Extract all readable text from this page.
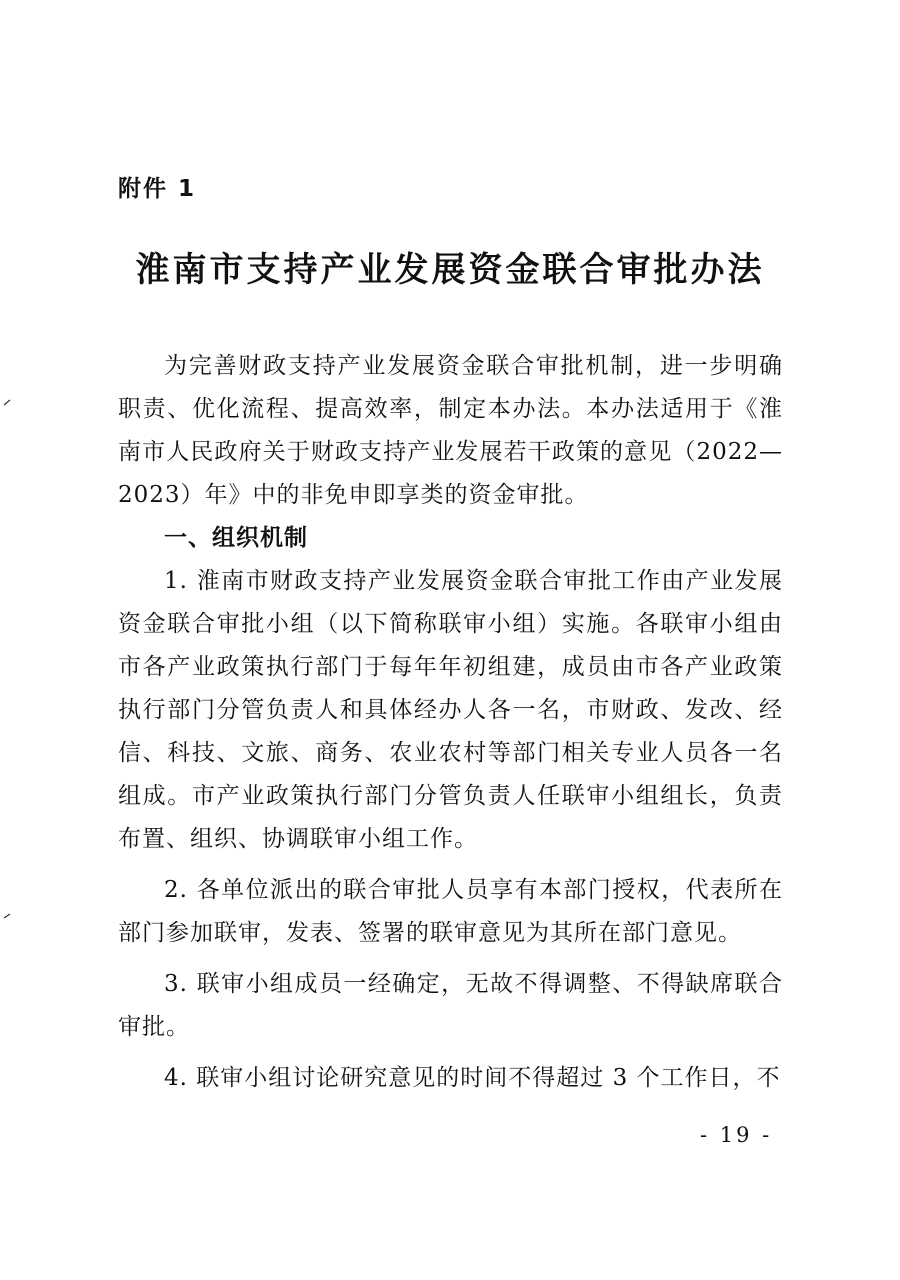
附件 1
淮南市支持产业发展资金联合审批办法

为完善财政支持产业发展资金联合审批机制，进一步明确职责、优化流程、提高效率，制定本办法。本办法适用于《淮南市人民政府关于财政支持产业发展若干政策的意见（2022—2023）年》中的非免申即享类的资金审批。

一、组织机制

1. 淮南市财政支持产业发展资金联合审批工作由产业发展资金联合审批小组（以下简称联审小组）实施。各联审小组由市各产业政策执行部门于每年年初组建，成员由市各产业政策执行部门分管负责人和具体经办人各一名，市财政、发改、经信、科技、文旅、商务、农业农村等部门相关专业人员各一名组成。市产业政策执行部门分管负责人任联审小组组长，负责布置、组织、协调联审小组工作。

2. 各单位派出的联合审批人员享有本部门授权，代表所在部门参加联审，发表、签署的联审意见为其所在部门意见。

3. 联审小组成员一经确定，无故不得调整、不得缺席联合审批。

4. 联审小组讨论研究意见的时间不得超过 3 个工作日，不

- 19 -
